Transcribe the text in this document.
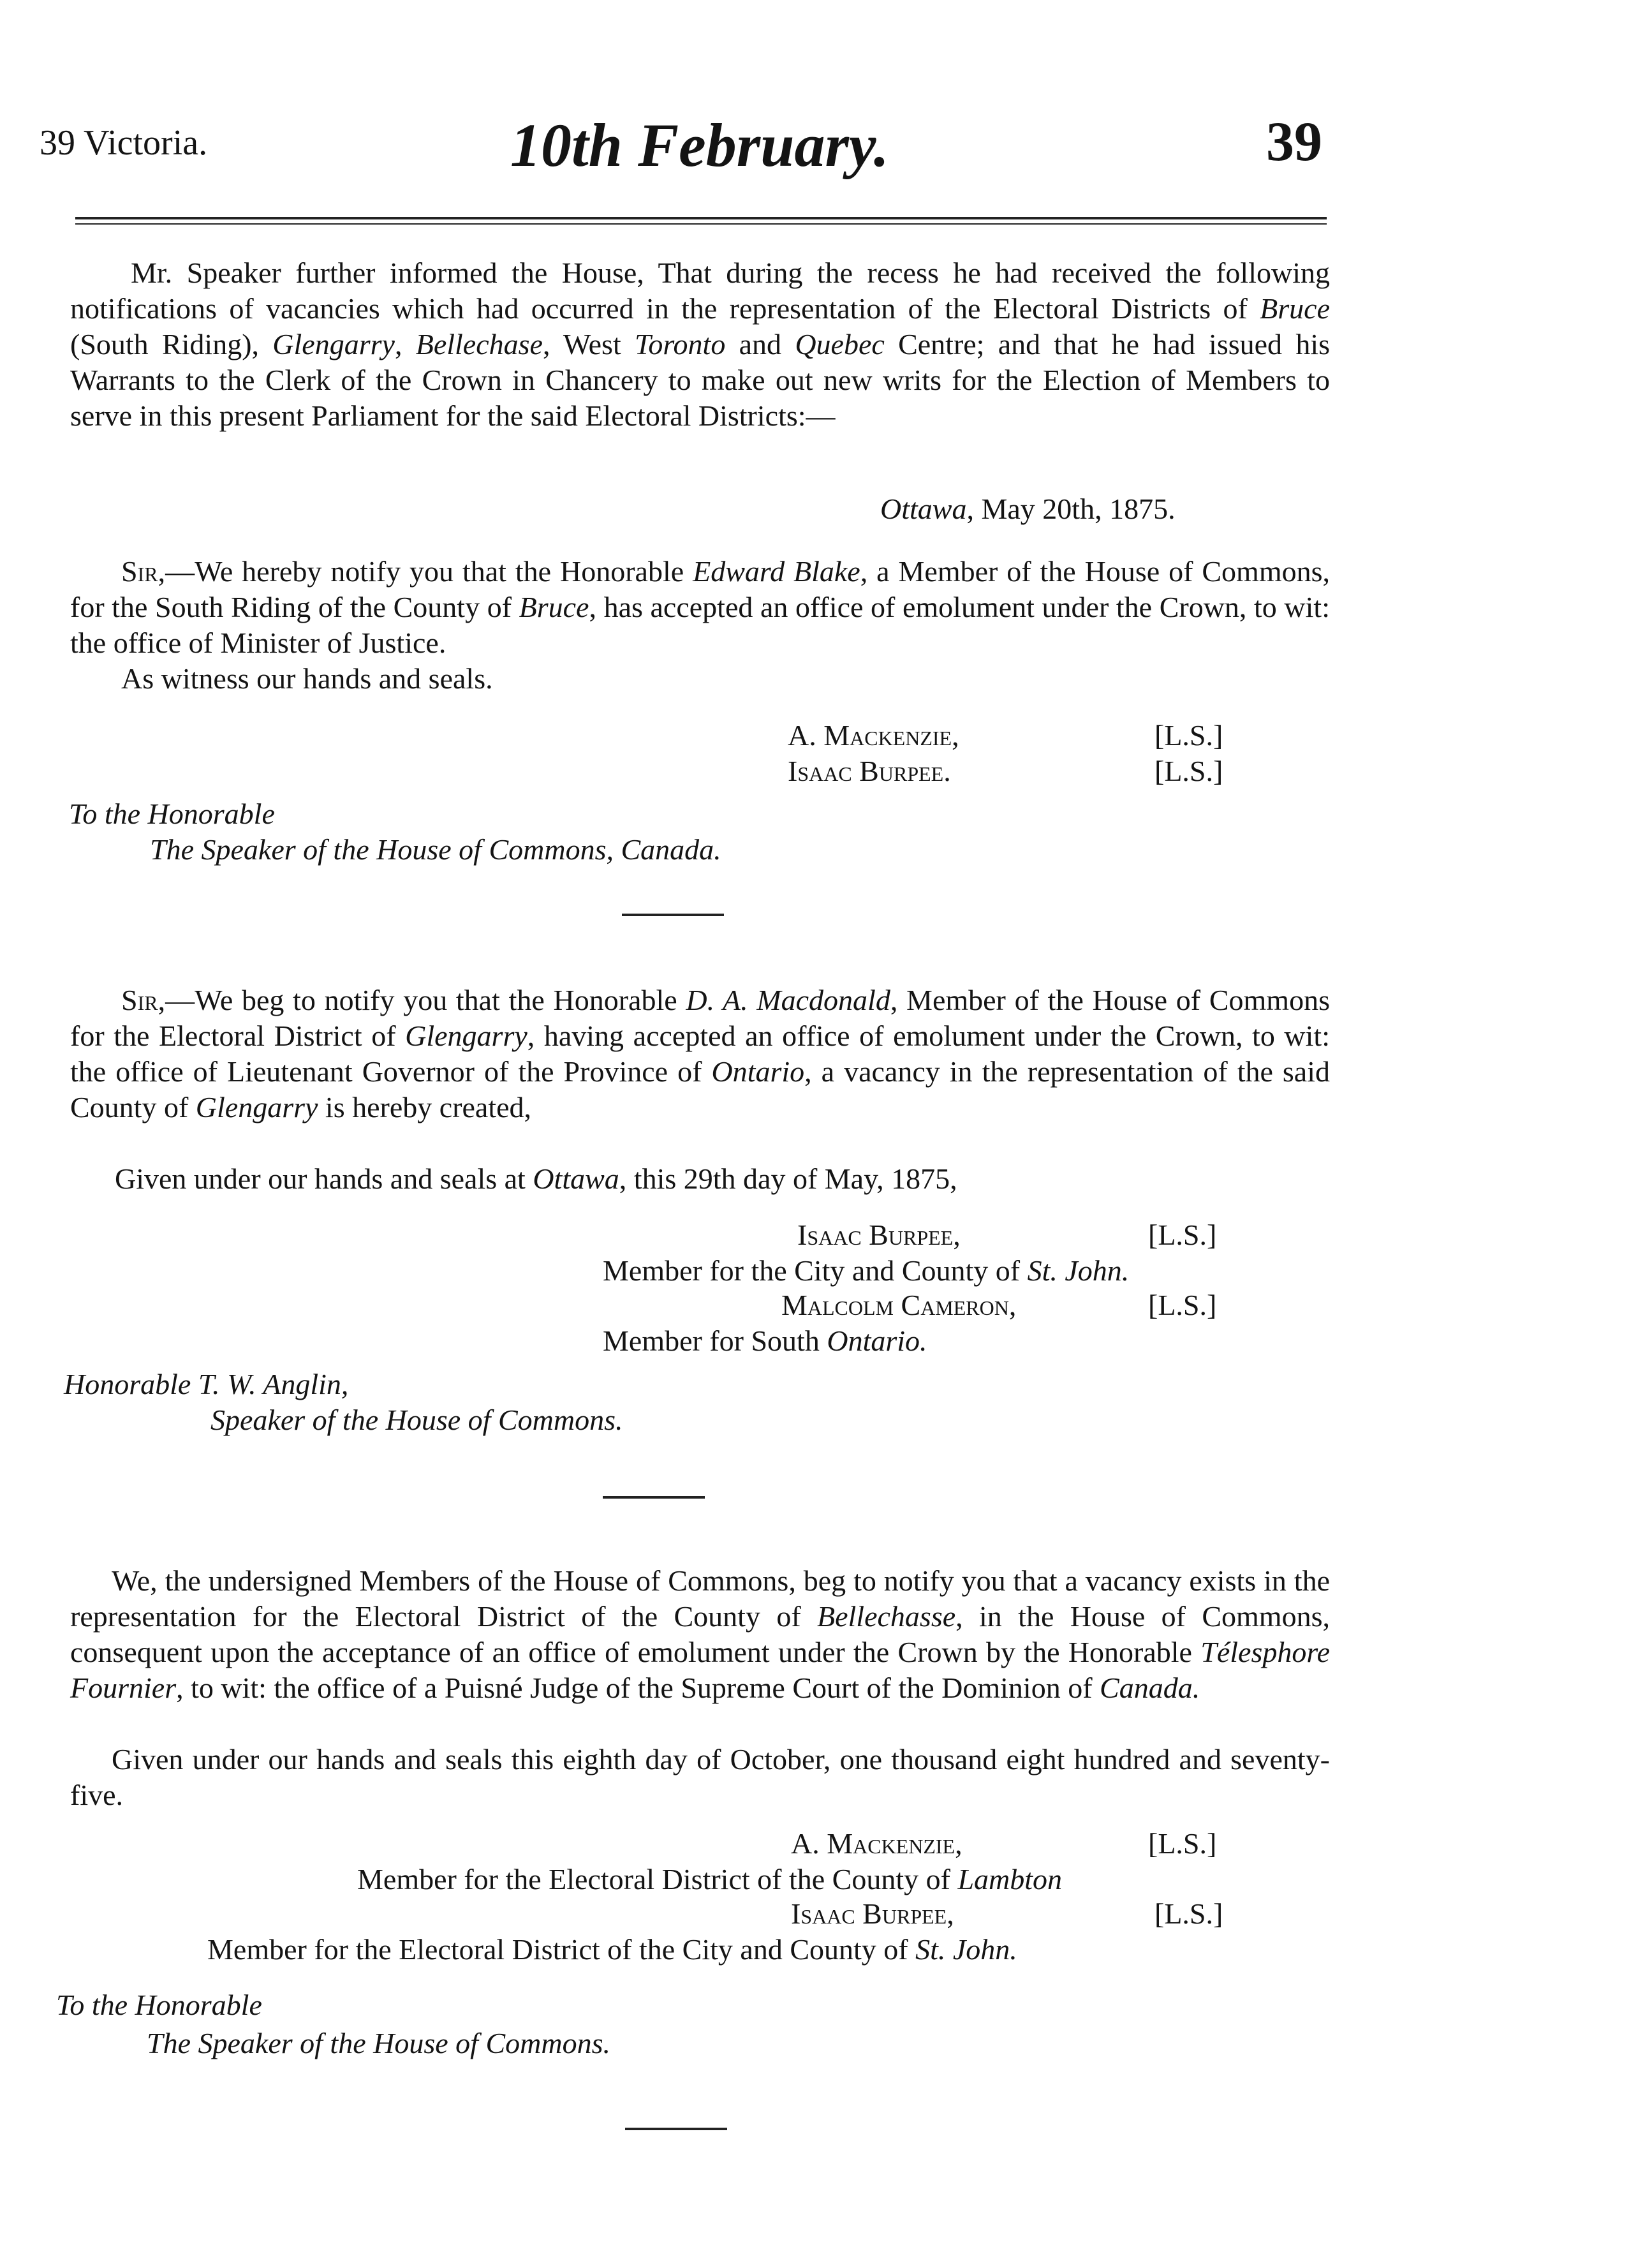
39 Victoria.	10th February.	39

Mr. Speaker further informed the House, That during the recess he had received the following notifications of vacancies which had occurred in the representation of the Electoral Districts of Bruce (South Riding), Glengarry, Bellechase, West Toronto and Quebec Centre; and that he had issued his Warrants to the Clerk of the Crown in Chancery to make out new writs for the Election of Members to serve in this present Parliament for the said Electoral Districts:—

Ottawa, May 20th, 1875.

Sir,—We hereby notify you that the Honorable Edward Blake, a Member of the House of Commons, for the South Riding of the County of Bruce, has accepted an office of emolument under the Crown, to wit: the office of Minister of Justice.

As witness our hands and seals.

A. Mackenzie,	[L.S.]

Isaac Burpee.	[L.S.]

To the Honorable

The Speaker of the House of Commons, Canada.

Sir,—We beg to notify you that the Honorable D. A. Macdonald, Member of the House of Commons for the Electoral District of Glengarry, having accepted an office of emolument under the Crown, to wit: the office of Lieutenant Governor of the Province of Ontario, a vacancy in the representation of the said County of Glengarry is hereby created,

Given under our hands and seals at Ottawa, this 29th day of May, 1875,

Isaac Burpee,	[L.S.]

Member for the City and County of St. John.

Malcolm Cameron,	[L.S.]

Member for South Ontario.

Honorable T. W. Anglin,

Speaker of the House of Commons.

We, the undersigned Members of the House of Commons, beg to notify you that a vacancy exists in the representation for the Electoral District of the County of Bellechasse, in the House of Commons, consequent upon the acceptance of an office of emolument under the Crown by the Honorable Télesphore Fournier, to wit: the office of a Puisné Judge of the Supreme Court of the Dominion of Canada.

Given under our hands and seals this eighth day of October, one thousand eight hundred and seventy-five.

A. Mackenzie,	[L.S.]

Member for the Electoral District of the County of Lambton

Isaac Burpee,	[L.S.]

Member for the Electoral District of the City and County of St. John.

To the Honorable

The Speaker of the House of Commons.
